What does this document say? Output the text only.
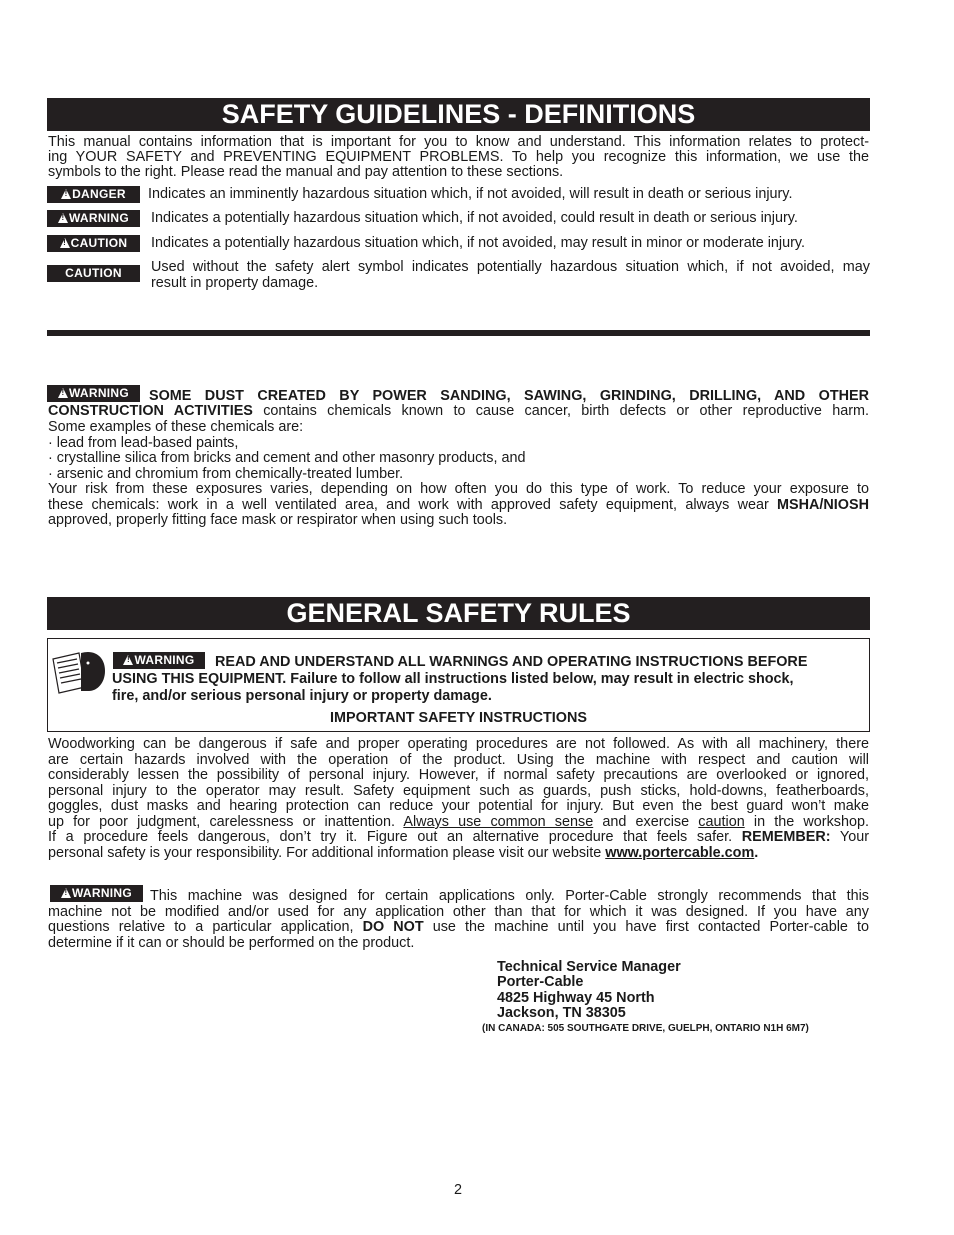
SAFETY GUIDELINES - DEFINITIONS
This manual contains information that is important for you to know and understand. This information relates to protect-
ing YOUR SAFETY and PREVENTING EQUIPMENT PROBLEMS. To help you recognize this information, we use the
symbols to the right. Please read the manual and pay attention to these sections.
!DANGER	Indicates an imminently hazardous situation which, if not avoided, will result in death or serious injury.
!WARNING	Indicates a potentially hazardous situation which, if not avoided, could result in death or serious injury.
!CAUTION	Indicates a potentially hazardous situation which, if not avoided, may result in minor or moderate injury.
CAUTION	Used without the safety alert symbol indicates potentially hazardous situation which, if not avoided, may
result in property damage.
!WARNING	SOME DUST CREATED BY POWER SANDING, SAWING, GRINDING, DRILLING, AND OTHER
CONSTRUCTION ACTIVITIES contains chemicals known to cause cancer, birth defects or other reproductive harm.
Some examples of these chemicals are:
· lead from lead-based paints,
· crystalline silica from bricks and cement and other masonry products, and
· arsenic and chromium from chemically-treated lumber.
Your risk from these exposures varies, depending on how often you do this type of work. To reduce your exposure to
these chemicals: work in a well ventilated area, and work with approved safety equipment, always wear MSHA/NIOSH
approved, properly fitting face mask or respirator when using such tools.
GENERAL SAFETY RULES
!WARNING	READ AND UNDERSTAND ALL WARNINGS AND OPERATING INSTRUCTIONS BEFORE
USING THIS EQUIPMENT. Failure to follow all instructions listed below, may result in electric shock,
fire, and/or serious personal injury or property damage.
IMPORTANT SAFETY INSTRUCTIONS
Woodworking can be dangerous if safe and proper operating procedures are not followed. As with all machinery, there
are certain hazards involved with the operation of the product. Using the machine with respect and caution will
considerably lessen the possibility of personal injury. However, if normal safety precautions are overlooked or ignored,
personal injury to the operator may result. Safety equipment such as guards, push sticks, hold-downs, featherboards,
goggles, dust masks and hearing protection can reduce your potential for injury. But even the best guard won’t make
up for poor judgment, carelessness or inattention. Always use common sense and exercise caution in the workshop.
If a procedure feels dangerous, don’t try it. Figure out an alternative procedure that feels safer. REMEMBER: Your
personal safety is your responsibility. For additional information please visit our website www.portercable.com.
!WARNING	This machine was designed for certain applications only. Porter-Cable strongly recommends that this
machine not be modified and/or used for any application other than that for which it was designed. If you have any
questions relative to a particular application, DO NOT use the machine until you have first contacted Porter-cable to
determine if it can or should be performed on the product.
Technical Service Manager
Porter-Cable
4825 Highway 45 North
Jackson, TN 38305
(IN CANADA: 505 SOUTHGATE DRIVE, GUELPH, ONTARIO N1H 6M7)
2
